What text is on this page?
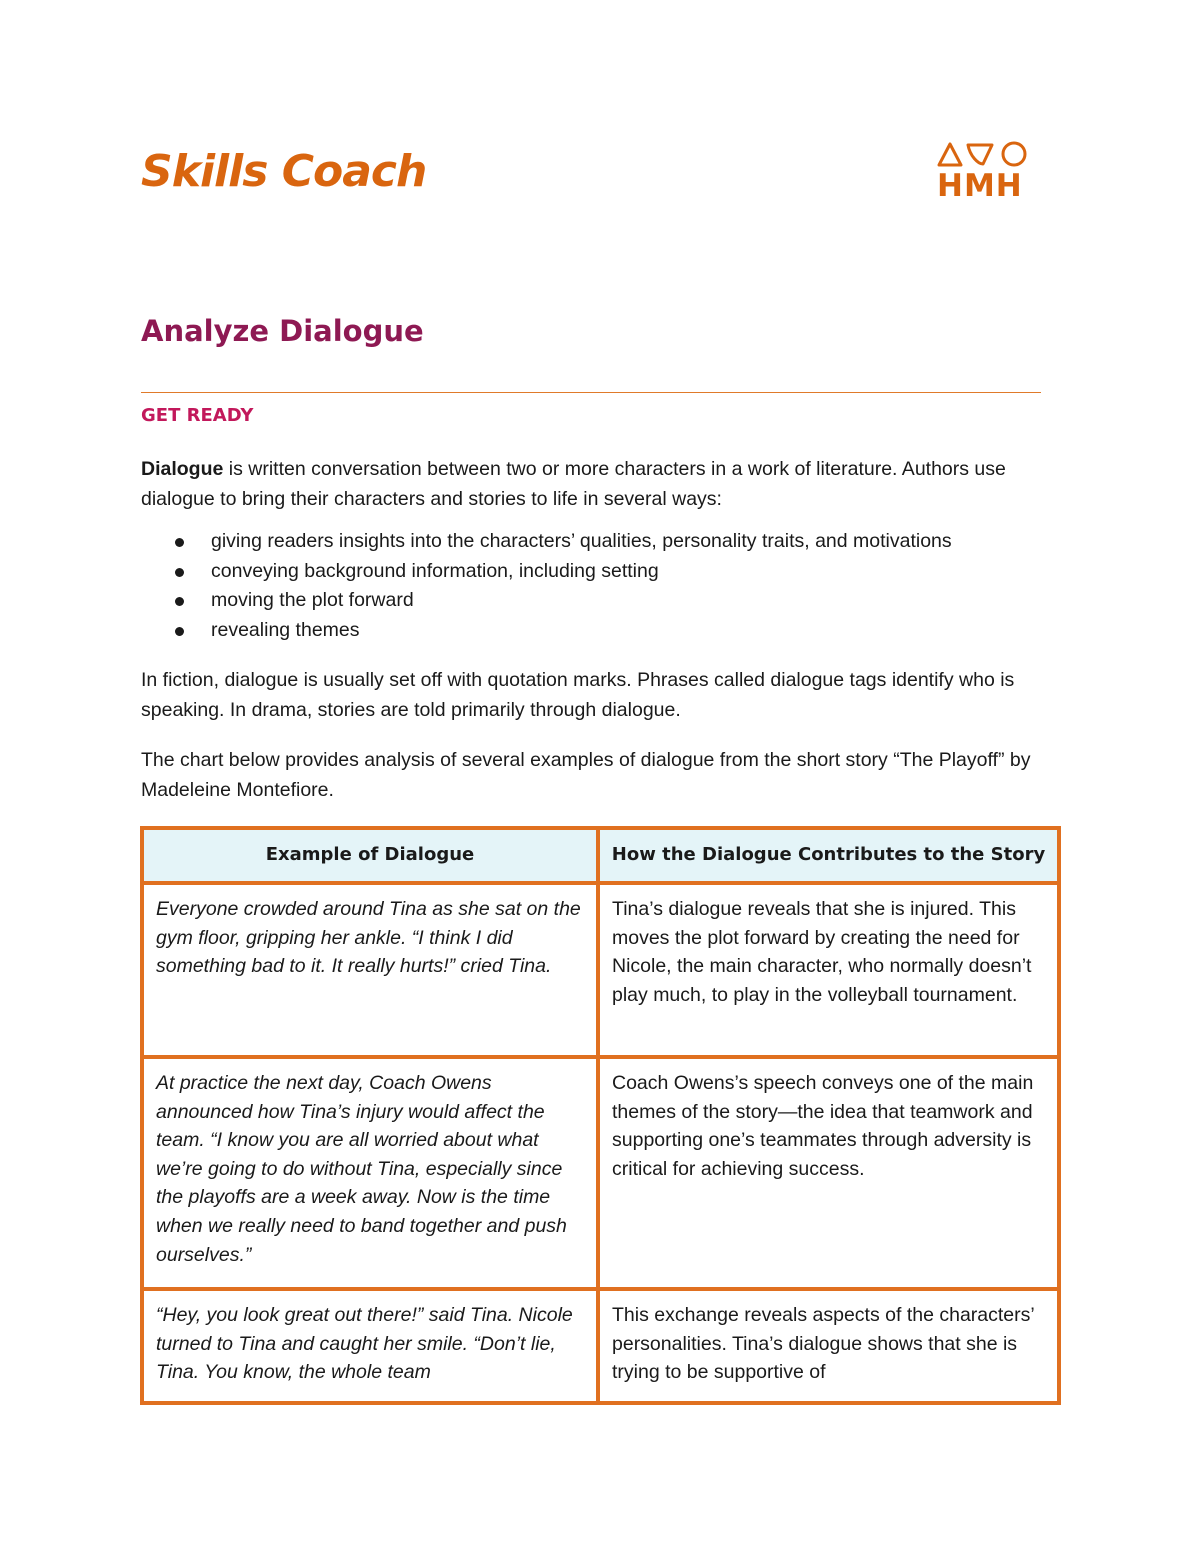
Skills Coach	HMH
Analyze Dialogue
GET READY

Dialogue is written conversation between two or more characters in a work of literature. Authors use dialogue to bring their characters and stories to life in several ways:

giving readers insights into the characters’ qualities, personality traits, and motivations
conveying background information, including setting
moving the plot forward
revealing themes

In fiction, dialogue is usually set off with quotation marks. Phrases called dialogue tags identify who is speaking. In drama, stories are told primarily through dialogue.

The chart below provides analysis of several examples of dialogue from the short story “The Playoff” by Madeleine Montefiore.

Example of Dialogue	How the Dialogue Contributes to the Story
Everyone crowded around Tina as she sat on the gym floor, gripping her ankle. “I think I did something bad to it. It really hurts!” cried Tina.	Tina’s dialogue reveals that she is injured. This moves the plot forward by creating the need for Nicole, the main character, who normally doesn’t play much, to play in the volleyball tournament.
At practice the next day, Coach Owens announced how Tina’s injury would affect the team. “I know you are all worried about what we’re going to do without Tina, especially since the playoffs are a week away. Now is the time when we really need to band together and push ourselves.”	Coach Owens’s speech conveys one of the main themes of the story—the idea that teamwork and supporting one’s teammates through adversity is critical for achieving success.
“Hey, you look great out there!” said Tina. Nicole turned to Tina and caught her smile. “Don’t lie, Tina. You know, the whole team	This exchange reveals aspects of the characters’ personalities. Tina’s dialogue shows that she is trying to be supportive of
